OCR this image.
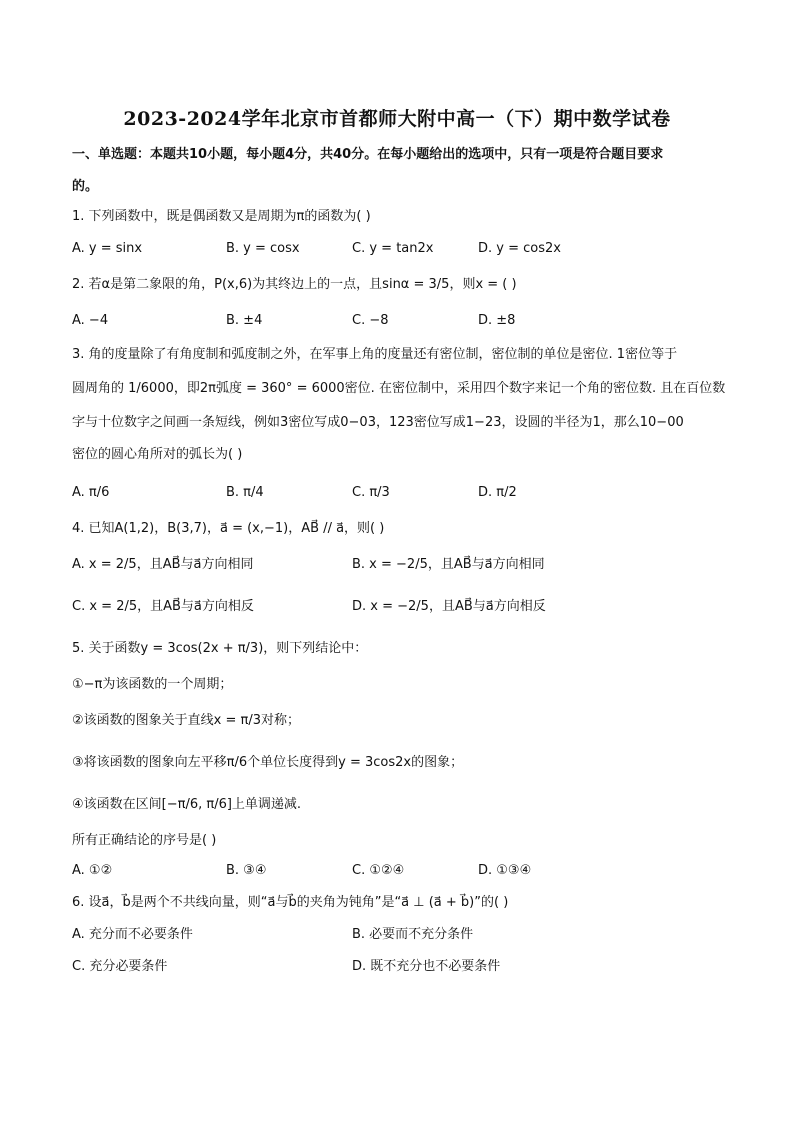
2023-2024学年北京市首都师大附中高一（下）期中数学试卷
一、单选题：本题共10小题，每小题4分，共40分。在每小题给出的选项中，只有一项是符合题目要求
的。
1. 下列函数中，既是偶函数又是周期为π的函数为( )
A. y = sinx	B. y = cosx	C. y = tan2x	D. y = cos2x
2. 若α是第二象限的角，P(x,6)为其终边上的一点，且sinα = 3/5，则x = ( )
A. −4	B. ±4	C. −8	D. ±8
3. 角的度量除了有角度制和弧度制之外，在军事上角的度量还有密位制，密位制的单位是密位. 1密位等于
圆周角的 1/6000，即2π弧度 = 360° = 6000密位. 在密位制中，采用四个数字来记一个角的密位数. 且在百位数
字与十位数字之间画一条短线，例如3密位写成0−03，123密位写成1−23，设圆的半径为1，那么10−00
密位的圆心角所对的弧长为( )
A. π/6	B. π/4	C. π/3	D. π/2
4. 已知A(1,2)，B(3,7)，a⃗ = (x,−1)，AB⃗ // a⃗，则( )
A. x = 2/5，且AB⃗与a⃗方向相同	B. x = −2/5，且AB⃗与a⃗方向相同
C. x = 2/5，且AB⃗与a⃗方向相反	D. x = −2/5，且AB⃗与a⃗方向相反
5. 关于函数y = 3cos(2x + π/3)，则下列结论中：
①−π为该函数的一个周期；
②该函数的图象关于直线x = π/3对称；
③将该函数的图象向左平移π/6个单位长度得到y = 3cos2x的图象；
④该函数在区间[−π/6, π/6]上单调递减.
所有正确结论的序号是( )
A. ①②	B. ③④	C. ①②④	D. ①③④
6. 设a⃗，b⃗是两个不共线向量，则“a⃗与b⃗的夹角为钝角”是“a⃗ ⊥ (a⃗ + b⃗)”的( )
A. 充分而不必要条件	B. 必要而不充分条件
C. 充分必要条件	D. 既不充分也不必要条件
